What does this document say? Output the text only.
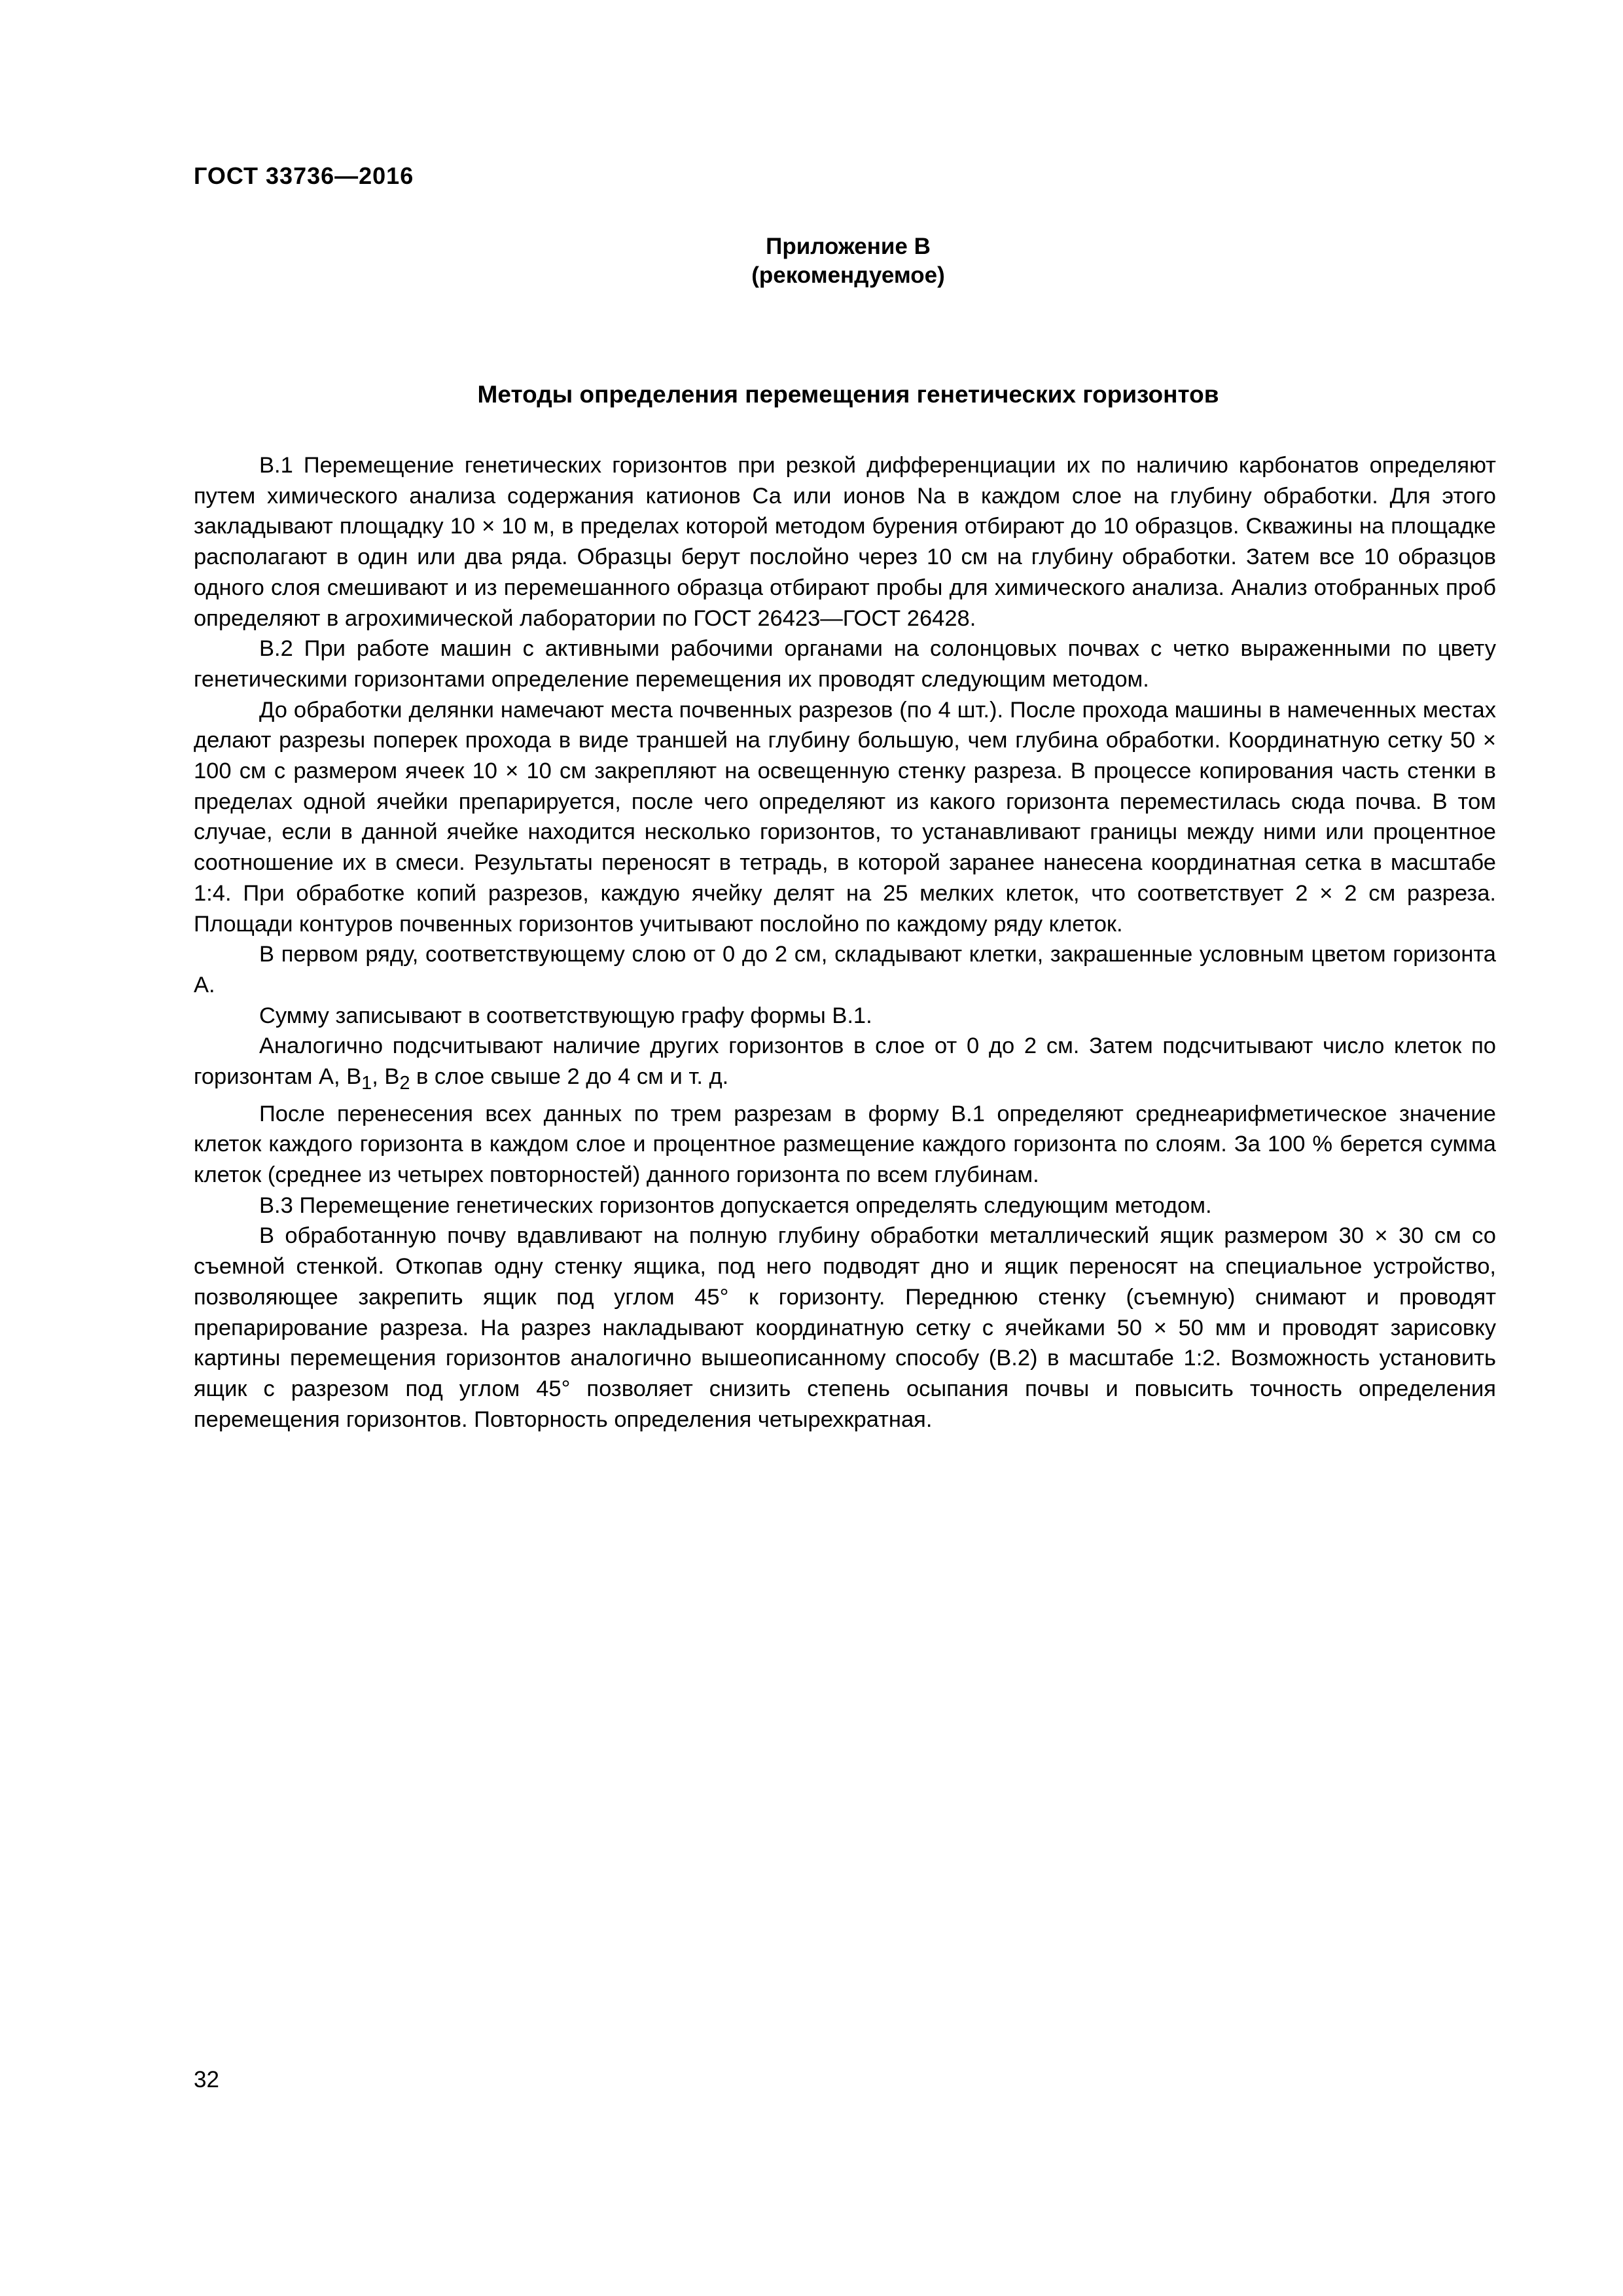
ГОСТ 33736—2016
Приложение В
(рекомендуемое)
Методы определения перемещения генетических горизонтов

В.1 Перемещение генетических горизонтов при резкой дифференциации их по наличию карбонатов определяют путем химического анализа содержания катионов Са или ионов Na в каждом слое на глубину обработки. Для этого закладывают площадку 10 × 10 м, в пределах которой методом бурения отбирают до 10 образцов. Скважины на площадке располагают в один или два ряда. Образцы берут послойно через 10 см на глубину обработки. Затем все 10 образцов одного слоя смешивают и из перемешанного образца отбирают пробы для химического анализа. Анализ отобранных проб определяют в агрохимической лаборатории по ГОСТ 26423—ГОСТ 26428.

В.2 При работе машин с активными рабочими органами на солонцовых почвах с четко выраженными по цвету генетическими горизонтами определение перемещения их проводят следующим методом.

До обработки делянки намечают места почвенных разрезов (по 4 шт.). После прохода машины в намеченных местах делают разрезы поперек прохода в виде траншей на глубину большую, чем глубина обработки. Координатную сетку 50 × 100 см с размером ячеек 10 × 10 см закрепляют на освещенную стенку разреза. В процессе копирования часть стенки в пределах одной ячейки препарируется, после чего определяют из какого горизонта переместилась сюда почва. В том случае, если в данной ячейке находится несколько горизонтов, то устанавливают границы между ними или процентное соотношение их в смеси. Результаты переносят в тетрадь, в которой заранее нанесена координатная сетка в масштабе 1:4. При обработке копий разрезов, каждую ячейку делят на 25 мелких клеток, что соответствует 2 × 2 см разреза. Площади контуров почвенных горизонтов учитывают послойно по каждому ряду клеток.

В первом ряду, соответствующему слою от 0 до 2 см, складывают клетки, закрашенные условным цветом горизонта А.

Сумму записывают в соответствующую графу формы В.1.

Аналогично подсчитывают наличие других горизонтов в слое от 0 до 2 см. Затем подсчитывают число клеток по горизонтам А, $В_1$, $В_2$ в слое свыше 2 до 4 см и т. д.

После перенесения всех данных по трем разрезам в форму В.1 определяют среднеарифметическое значение клеток каждого горизонта в каждом слое и процентное размещение каждого горизонта по слоям. За 100 % берется сумма клеток (среднее из четырех повторностей) данного горизонта по всем глубинам.

В.3 Перемещение генетических горизонтов допускается определять следующим методом.

В обработанную почву вдавливают на полную глубину обработки металлический ящик размером 30 × 30 см со съемной стенкой. Откопав одну стенку ящика, под него подводят дно и ящик переносят на специальное устройство, позволяющее закрепить ящик под углом 45° к горизонту. Переднюю стенку (съемную) снимают и проводят препарирование разреза. На разрез накладывают координатную сетку с ячейками 50 × 50 мм и проводят зарисовку картины перемещения горизонтов аналогично вышеописанному способу (В.2) в масштабе 1:2. Возможность установить ящик с разрезом под углом 45° позволяет снизить степень осыпания почвы и повысить точность определения перемещения горизонтов. Повторность определения четырехкратная.

32
